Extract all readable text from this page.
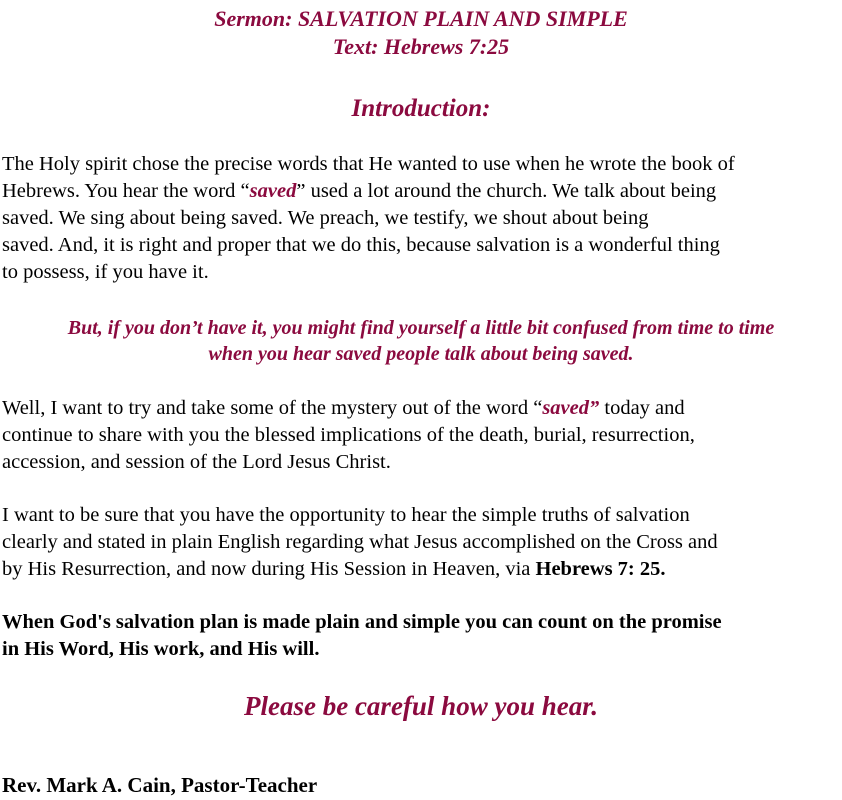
Sermon: SALVATION PLAIN AND SIMPLE

Text: Hebrews 7:25

Introduction:

The Holy spirit chose the precise words that He wanted to use when he wrote the book of
Hebrews. You hear the word “saved” used a lot around the church. We talk about being
saved. We sing about being saved. We preach, we testify, we shout about being
saved. And, it is right and proper that we do this, because salvation is a wonderful thing
to possess, if you have it.
But, if you don’t have it, you might find yourself a little bit confused from time to time
when you hear saved people talk about being saved.
Well, I want to try and take some of the mystery out of the word “saved” today and
continue to share with you the blessed implications of the death, burial, resurrection,
accession, and session of the Lord Jesus Christ.
I want to be sure that you have the opportunity to hear the simple truths of salvation
clearly and stated in plain English regarding what Jesus accomplished on the Cross and
by His Resurrection, and now during His Session in Heaven, via Hebrews 7: 25.
When God's salvation plan is made plain and simple you can count on the promise
in His Word, His work, and His will.

Please be careful how you hear.

Rev. Mark A. Cain, Pastor-Teacher
